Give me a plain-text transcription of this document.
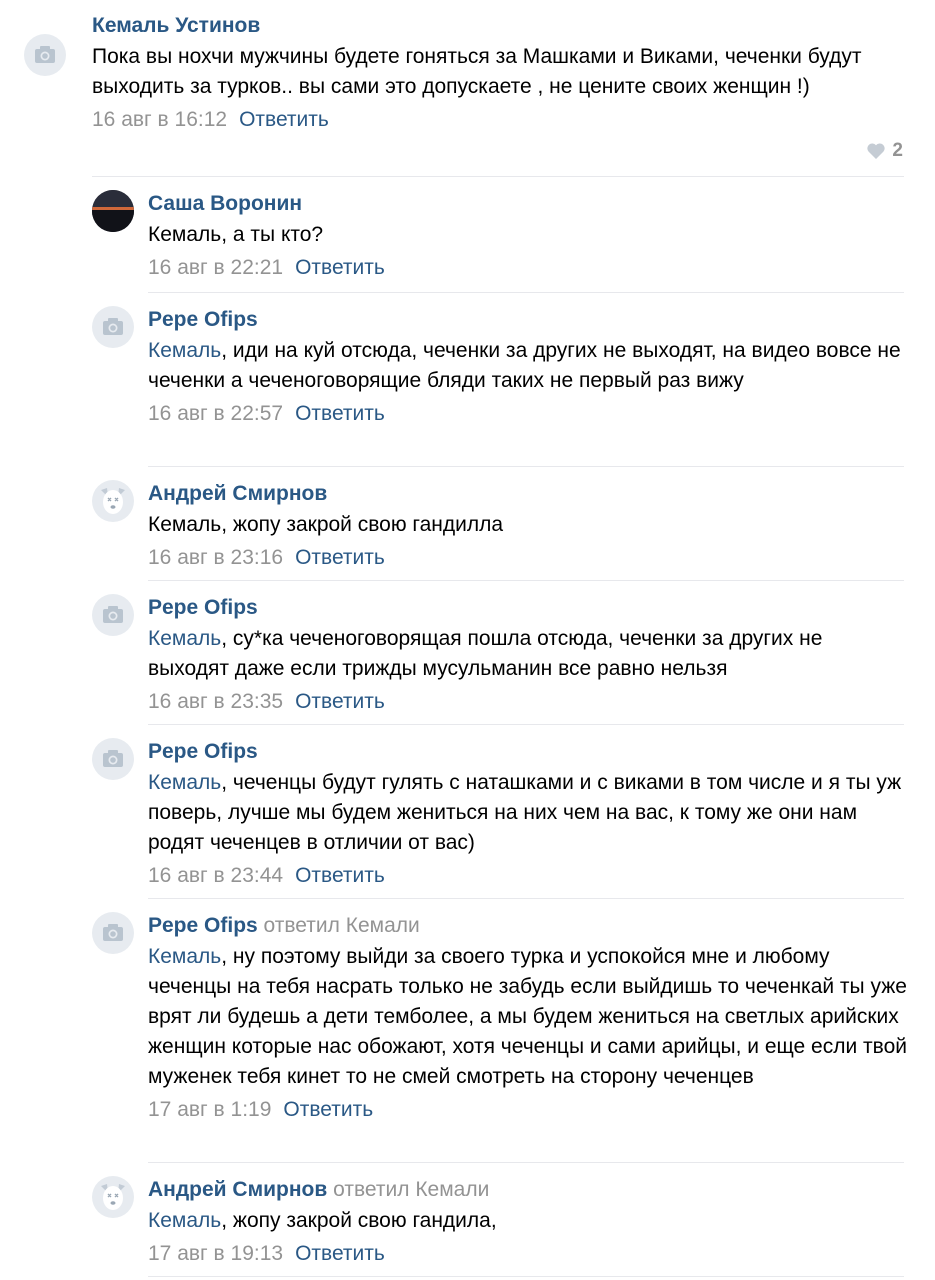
Кемаль Устинов
Пока вы нохчи мужчины будете гоняться за Машками и Виками, чеченки будут выходить за турков.. вы сами это допускаете , не цените своих женщин !)
16 авг в 16:12 Ответить
2
Саша Воронин
Кемаль, а ты кто?
16 авг в 22:21 Ответить
Pepe Ofips
Кемаль, иди на куй отсюда, чеченки за других не выходят, на видео вовсе не чеченки а чеченоговорящие бляди таких не первый раз вижу
16 авг в 22:57 Ответить
Андрей Смирнов
Кемаль, жопу закрой свою гандилла
16 авг в 23:16 Ответить
Pepe Ofips
Кемаль, су*ка чеченоговорящая пошла отсюда, чеченки за других не выходят даже если трижды мусульманин все равно нельзя
16 авг в 23:35 Ответить
Pepe Ofips
Кемаль, чеченцы будут гулять с наташками и с виками в том числе и я ты уж поверь, лучше мы будем жениться на них чем на вас, к тому же они нам родят чеченцев в отличии от вас)
16 авг в 23:44 Ответить
Pepe Ofips ответил Кемали
Кемаль, ну поэтому выйди за своего турка и успокойся мне и любому чеченцы на тебя насрать только не забудь если выйдишь то чеченкай ты уже врят ли будешь а дети темболее, а мы будем жениться на светлых арийских женщин которые нас обожают, хотя чеченцы и сами арийцы, и еще если твой муженек тебя кинет то не смей смотреть на сторону чеченцев
17 авг в 1:19 Ответить
Андрей Смирнов ответил Кемали
Кемаль, жопу закрой свою гандила,
17 авг в 19:13 Ответить
